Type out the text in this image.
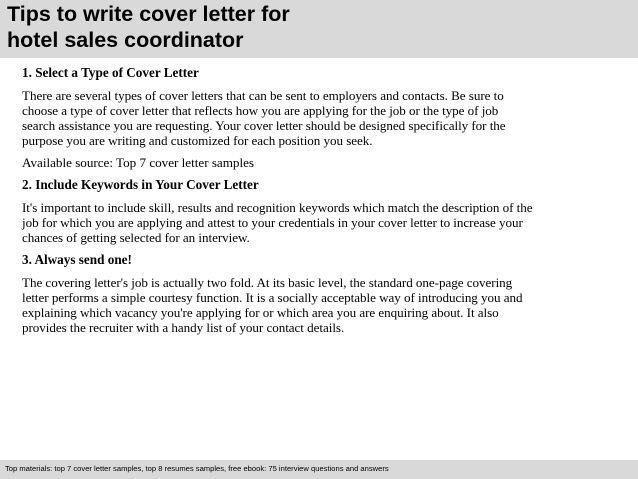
Tips to write cover letter for
hotel sales coordinator
1. Select a Type of Cover Letter
There are several types of cover letters that can be sent to employers and contacts. Be sure to
choose a type of cover letter that reflects how you are applying for the job or the type of job
search assistance you are requesting. Your cover letter should be designed specifically for the
purpose you are writing and customized for each position you seek.
Available source: Top 7 cover letter samples
2. Include Keywords in Your Cover Letter
It's important to include skill, results and recognition keywords which match the description of the
job for which you are applying and attest to your credentials in your cover letter to increase your
chances of getting selected for an interview.
3. Always send one!
The covering letter's job is actually two fold. At its basic level, the standard one-page covering
letter performs a simple courtesy function. It is a socially acceptable way of introducing you and
explaining which vacancy you're applying for or which area you are enquiring about. It also
provides the recruiter with a handy list of your contact details.
Top materials: top 7 cover letter samples, top 8 resumes samples, free ebook: 75 interview questions and answers
